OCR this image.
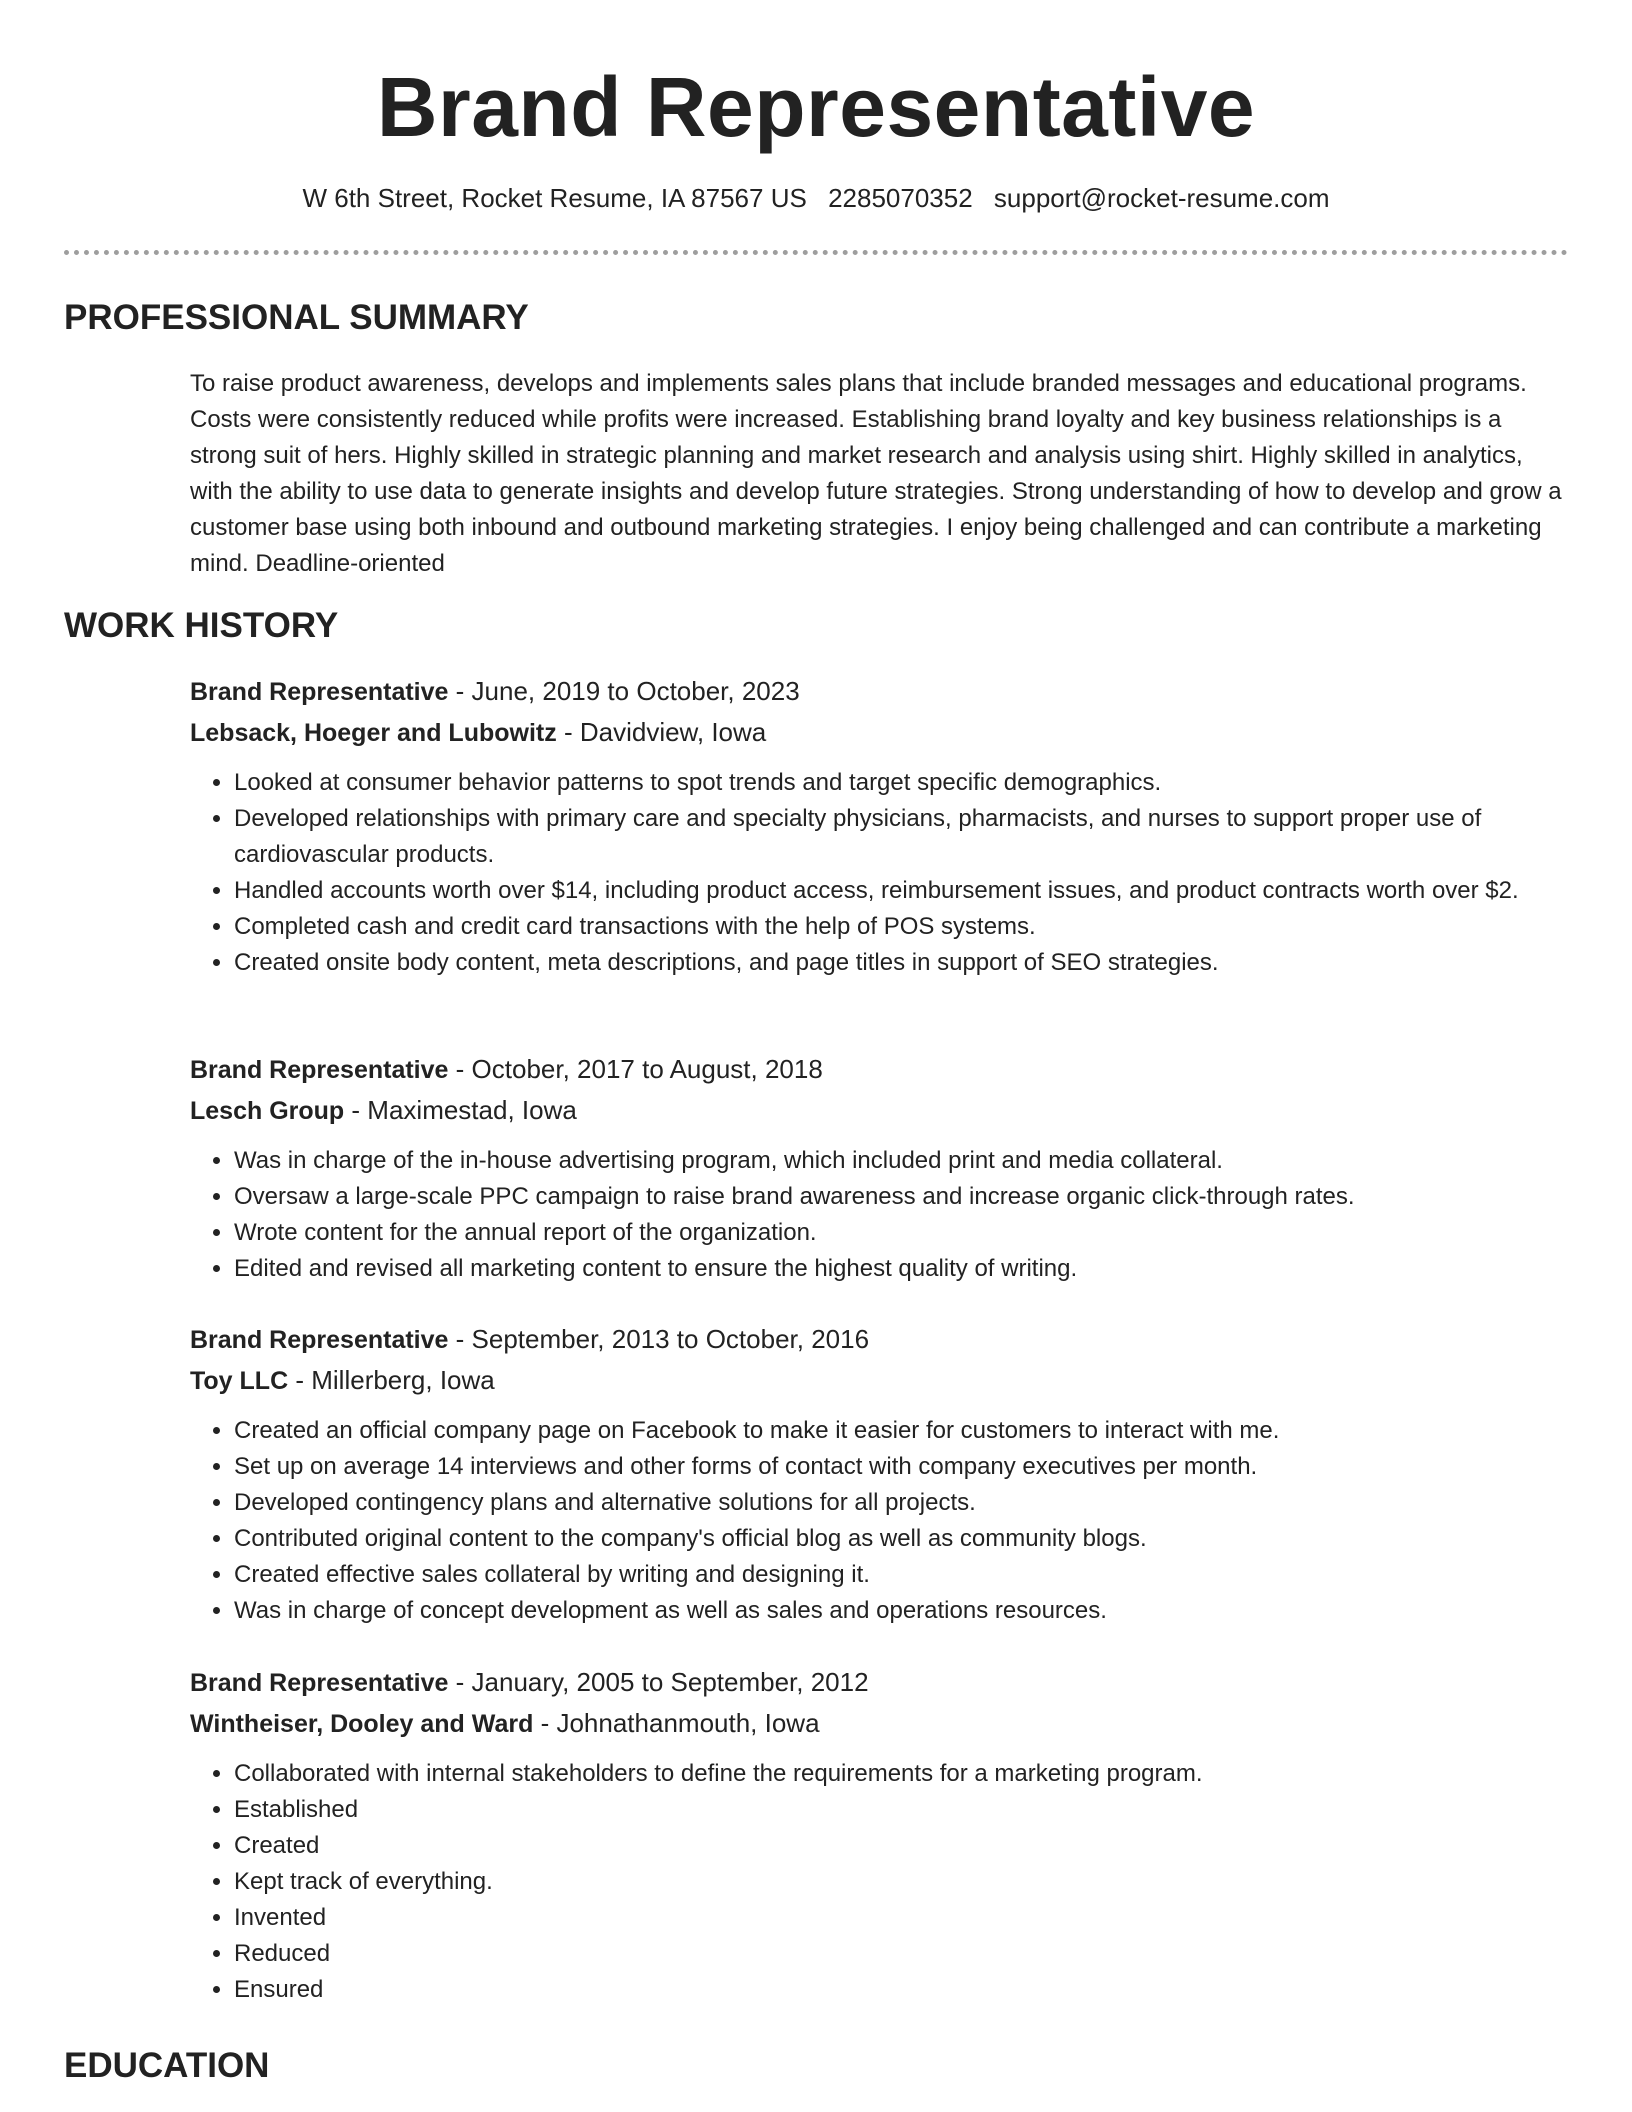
Brand Representative
W 6th Street, Rocket Resume, IA 87567 US 2285070352 support@rocket-resume.com
PROFESSIONAL SUMMARY

To raise product awareness, develops and implements sales plans that include branded messages and educational programs. Costs were consistently reduced while profits were increased. Establishing brand loyalty and key business relationships is a strong suit of hers. Highly skilled in strategic planning and market research and analysis using shirt. Highly skilled in analytics, with the ability to use data to generate insights and develop future strategies. Strong understanding of how to develop and grow a customer base using both inbound and outbound marketing strategies. I enjoy being challenged and can contribute a marketing mind. Deadline-oriented

WORK HISTORY
Brand Representative - June, 2019 to October, 2023
Lebsack, Hoeger and Lubowitz - Davidview, Iowa
• Looked at consumer behavior patterns to spot trends and target specific demographics.
• Developed relationships with primary care and specialty physicians, pharmacists, and nurses to support proper use of cardiovascular products.
• Handled accounts worth over $14, including product access, reimbursement issues, and product contracts worth over $2.
• Completed cash and credit card transactions with the help of POS systems.
• Created onsite body content, meta descriptions, and page titles in support of SEO strategies.
Brand Representative - October, 2017 to August, 2018
Lesch Group - Maximestad, Iowa
• Was in charge of the in-house advertising program, which included print and media collateral.
• Oversaw a large-scale PPC campaign to raise brand awareness and increase organic click-through rates.
• Wrote content for the annual report of the organization.
• Edited and revised all marketing content to ensure the highest quality of writing.
Brand Representative - September, 2013 to October, 2016
Toy LLC - Millerberg, Iowa
• Created an official company page on Facebook to make it easier for customers to interact with me.
• Set up on average 14 interviews and other forms of contact with company executives per month.
• Developed contingency plans and alternative solutions for all projects.
• Contributed original content to the company's official blog as well as community blogs.
• Created effective sales collateral by writing and designing it.
• Was in charge of concept development as well as sales and operations resources.
Brand Representative - January, 2005 to September, 2012
Wintheiser, Dooley and Ward - Johnathanmouth, Iowa
• Collaborated with internal stakeholders to define the requirements for a marketing program.
• Established
• Created
• Kept track of everything.
• Invented
• Reduced
• Ensured
EDUCATION
